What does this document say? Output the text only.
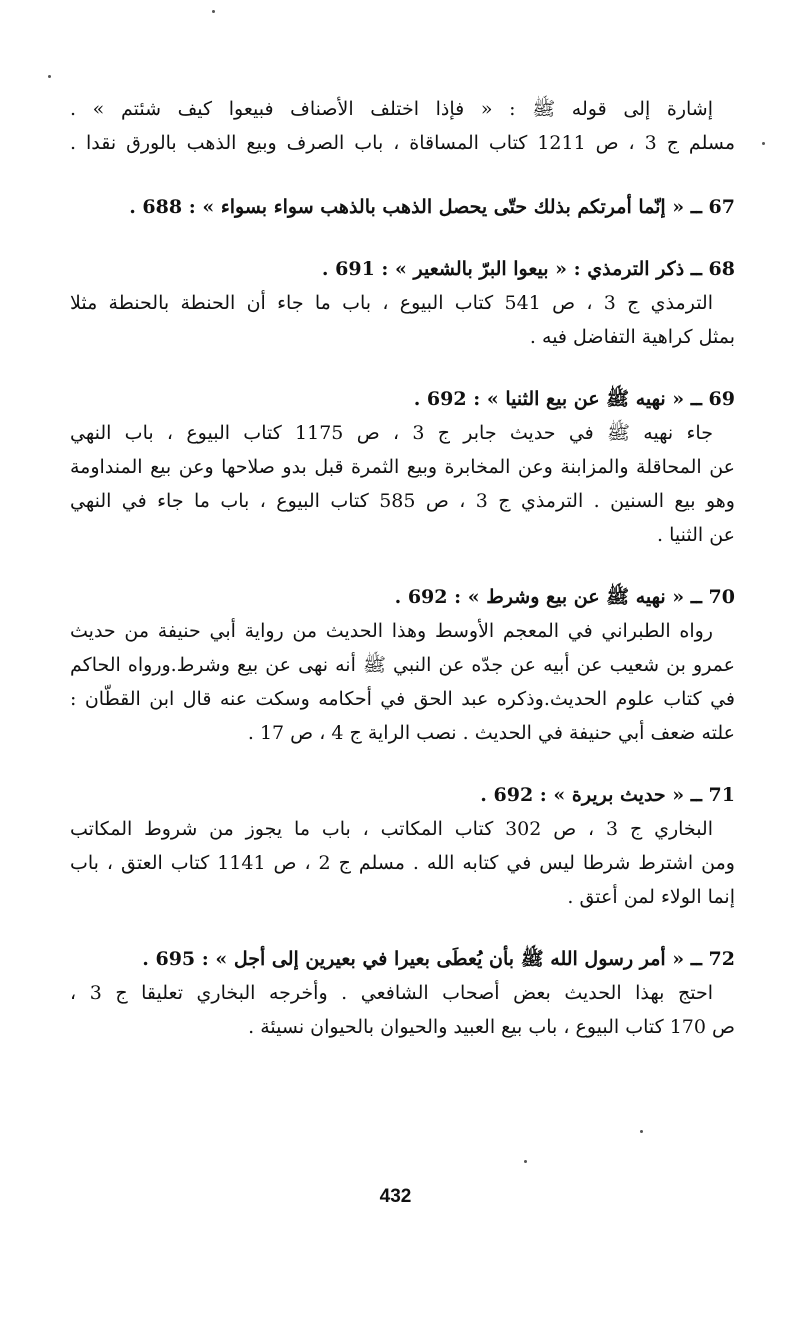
إشارة إلى قوله ﷺ : « فإذا اختلف الأصناف فبيعوا كيف شئتم » .
مسلم ج 3 ، ص 1211 كتاب المساقاة ، باب الصرف وبيع الذهب بالورق نقدا .
67 ــ « إنّما أمرتكم بذلك حتّى يحصل الذهب بالذهب سواء بسواء » : 688 .
68 ــ ذكر الترمذي : « بيعوا البرّ بالشعير » : 691 .
الترمذي ج 3 ، ص 541 كتاب البيوع ، باب ما جاء أن الحنطة بالحنطة مثلا
بمثل كراهية التفاضل فيه .
69 ــ « نهيه ﷺ عن بيع الثنيا » : 692 .
جاء نهيه ﷺ في حديث جابر ج 3 ، ص 1175 كتاب البيوع ، باب النهي
عن المحاقلة والمزابنة وعن المخابرة وبيع الثمرة قبل بدو صلاحها وعن بيع المنداومة
وهو بيع السنين . الترمذي ج 3 ، ص 585 كتاب البيوع ، باب ما جاء في النهي
عن الثنيا .
70 ــ « نهيه ﷺ عن بيع وشرط » : 692 .
رواه الطبراني في المعجم الأوسط وهذا الحديث من رواية أبي حنيفة من حديث
عمرو بن شعيب عن أبيه عن جدّه عن النبي ﷺ أنه نهى عن بيع وشرط.ورواه الحاكم
في كتاب علوم الحديث.وذكره عبد الحق في أحكامه وسكت عنه قال ابن القطّان :
علته ضعف أبي حنيفة في الحديث . نصب الراية ج 4 ، ص 17 .
71 ــ « حديث بريرة » : 692 .
البخاري ج 3 ، ص 302 كتاب المكاتب ، باب ما يجوز من شروط المكاتب
ومن اشترط شرطا ليس في كتابه الله . مسلم ج 2 ، ص 1141 كتاب العتق ، باب
إنما الولاء لمن أعتق .
72 ــ « أمر رسول الله ﷺ بأن يُعطَى بعيرا في بعيرين إلى أجل » : 695 .
احتج بهذا الحديث بعض أصحاب الشافعي . وأخرجه البخاري تعليقا ج 3 ،
ص 170 كتاب البيوع ، باب بيع العبيد والحيوان بالحيوان نسيئة .
432
